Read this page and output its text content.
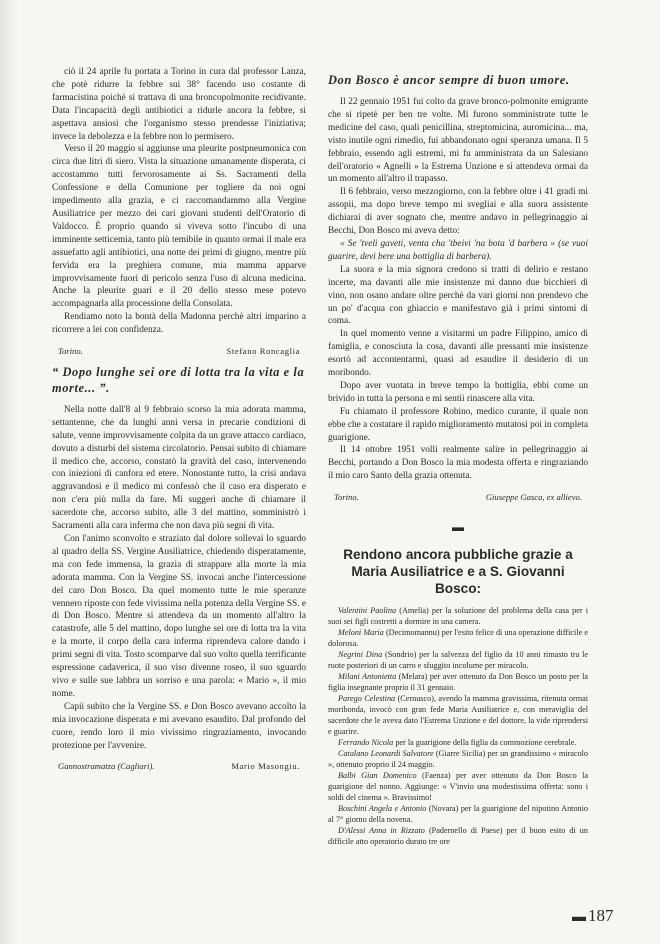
ciò il 24 aprile fu portata a Torino in cura dal professor Lanza, che potè ridurre la febbre sui 38° facendo uso costante di farmacistina poichè si trattava di una broncopolmonite recidivante. Data l'incapacità degli antibiotici a ridurle ancora la febbre, si aspettava ansiosi che l'organismo stesso prendesse l'iniziativa; invece la debolezza e la febbre non lo permisero.

Verso il 20 maggio si aggiunse una pleurite postpneumonica con circa due litri di siero. Vista la situazione umanamente disperata, ci accostammo tutti fervorosamente ai Ss. Sacramenti della Confessione e della Comunione per togliere da noi ogni impedimento alla grazia, e ci raccomandammo alla Vergine Ausiliatrice per mezzo dei cari giovani studenti dell'Oratorio di Valdocco. È proprio quando si viveva sotto l'incubo di una imminente setticemia, tanto più temibile in quanto ormai il male era assuefatto agli antibiotici, una notte dei primi di giugno, mentre più fervida era la preghiera comune, mia mamma apparve improvvisamente fuori di pericolo senza l'uso di alcuna medicina. Anche la pleurite guarì e il 20 dello stesso mese potevo accompagnarla alla processione della Consolata.

Rendiamo noto la bontà della Madonna perchè altri imparino a ricorrere a lei con confidenza.

Torino.	Stefano Roncaglia
“ Dopo lunghe sei ore di lotta tra la vita e la morte... ”.

Nella notte dall'8 al 9 febbraio scorso la mia adorata mamma, settantenne, che da lunghi anni versa in precarie condizioni di salute, venne improvvisamente colpita da un grave attacco cardiaco, dovuto a disturbi del sistema circolatorio. Pensai subito di chiamare il medico che, accorso, constatò la gravità del caso, intervenendo con iniezioni di canfora ed etere. Nonostante tutto, la crisi andava aggravandosi e il medico mi confessò che il caso era disperato e non c'era più nulla da fare. Mi suggerì anche di chiamare il sacerdote che, accorso subito, alle 3 del mattino, somministrò i Sacramenti alla cara inferma che non dava più segni di vita.

Con l'animo sconvolto e straziato dal dolore sollevai lo sguardo al quadro della SS. Vergine Ausiliatrice, chiedendo disperatamente, ma con fede immensa, la grazia di strappare alla morte la mia adorata mamma. Con la Vergine SS. invocai anche l'intercessione del caro Don Bosco. Da quel momento tutte le mie speranze vennero riposte con fede vivissima nella potenza della Vergine SS. e di Don Bosco. Mentre si attendeva da un momento all'altro la catastrofe, alle 5 del mattino, dopo lunghe sei ore di lotta tra la vita e la morte, il corpo della cara inferma riprendeva calore dando i primi segni di vita. Tosto scomparve dal suo volto quella terrificante espressione cadaverica, il suo viso divenne roseo, il suo sguardo vivo e sulle sue labbra un sorriso e una parola: « Mario », il mio nome.

Capii subito che la Vergine SS. e Don Bosco avevano accolto la mia invocazione disperata e mi avevano esaudito. Dal profondo del cuore, rendo loro il mio vivissimo ringraziamento, invocando protezione per l'avvenire.

Gannostramatza (Cagliari).	Mario Masongiu.
Don Bosco è ancor sempre di buon umore.

Il 22 gennaio 1951 fui colto da grave bronco-polmonite emigrante che si ripetè per ben tre volte. Mi furono somministrate tutte le medicine del caso, quali penicillina, streptomicina, auromicina... ma, visto inutile ogni rimedio, fui abbandonato ogni speranza umana. Il 5 febbraio, essendo agli estremi, mi fu amministrata da un Salesiano dell'oratorio « Agnelli » la Estrema Unzione e si attendeva ormai da un momento all'altro il trapasso.

Il 6 febbraio, verso mezzogiorno, con la febbre oltre i 41 gradi mi assopii, ma dopo breve tempo mi svegliai e alla suora assistente dichiarai di aver sognato che, mentre andavo in pellegrinaggio ai Becchi, Don Bosco mi aveva detto:

« Se 'tveli gaveti, venta cha 'tbeivi 'na bota 'd barbera » (se vuoi guarire, devi bere una bottiglia di barbera).

La suora e la mia signora credono si tratti di delirio e restano incerte, ma davanti alle mie insistenze mi danno due bicchieri di vino, non osano andare oltre perchè da vari giorni non prendevo che un po' d'acqua con ghiaccio e manifestavo già i primi sintomi di coma.

In quel momento venne a visitarmi un padre Filippino, amico di famiglia, e conosciuta la cosa, davanti alle pressanti mie insistenze esortò ad accontentarmi, quasi ad esaudire il desiderio di un moribondo.

Dopo aver vuotata in breve tempo la bottiglia, ebbi come un brivido in tutta la persona e mi sentii rinascere alla vita.

Fu chiamato il professore Robino, medico curante, il quale non ebbe che a costatare il rapido miglioramento mutatosi poi in completa guarigione.

Il 14 ottobre 1951 volli realmente salire in pellegrinaggio ai Becchi, portando a Don Bosco la mia modesta offerta e ringraziando il mio caro Santo della grazia ottenuta.

Torino.	Giuseppe Gasca, ex allievo.
▬
Rendono ancora pubbliche grazie a Maria Ausiliatrice e a S. Giovanni Bosco:

Valentini Paolina (Amelia) per la soluzione del problema della casa per i suoi sei figli costretti a dormire in una camera.

Meloni Maria (Decimomannu) per l'esito felice di una operazione difficile e dolorosa.

Negrini Dina (Sondrio) per la salvezza del figlio da 10 anni rimasto tra le ruote posteriori di un carro e sfuggito incolume per miracolo.

Milani Antonietta (Melara) per aver ottenuto da Don Bosco un posto per la figlia insegnante proprio il 31 gennaio.

Parego Celestina (Cernusco), avendo la mamma gravissima, ritenuta ormai moribonda, invocò con gran fede Maria Ausiliatrice e, con meraviglia del sacerdote che le aveva dato l'Estrema Unzione e del dottore, la vide riprendersi e guarire.

Ferrando Nicola per la guarigione della figlia da commozione cerebrale.

Catalano Leonardi Salvatore (Giarre Sicilia) per un grandissimo « miracolo », ottenuto proprio il 24 maggio.

Balbi Gian Domenico (Faenza) per aver ottenuto da Don Bosco la guarigione del nonno. Aggiunge: « V'invio una modestissima offerta: sono i soldi del cinema ». Bravissimo!

Boschini Angela e Antonio (Novara) per la guarigione del nipotino Antonio al 7° giorno della novena.

D'Alessi Anna in Rizzato (Padernello di Paese) per il buon esito di un difficile atto operatorio durato tre ore

▬ 187
